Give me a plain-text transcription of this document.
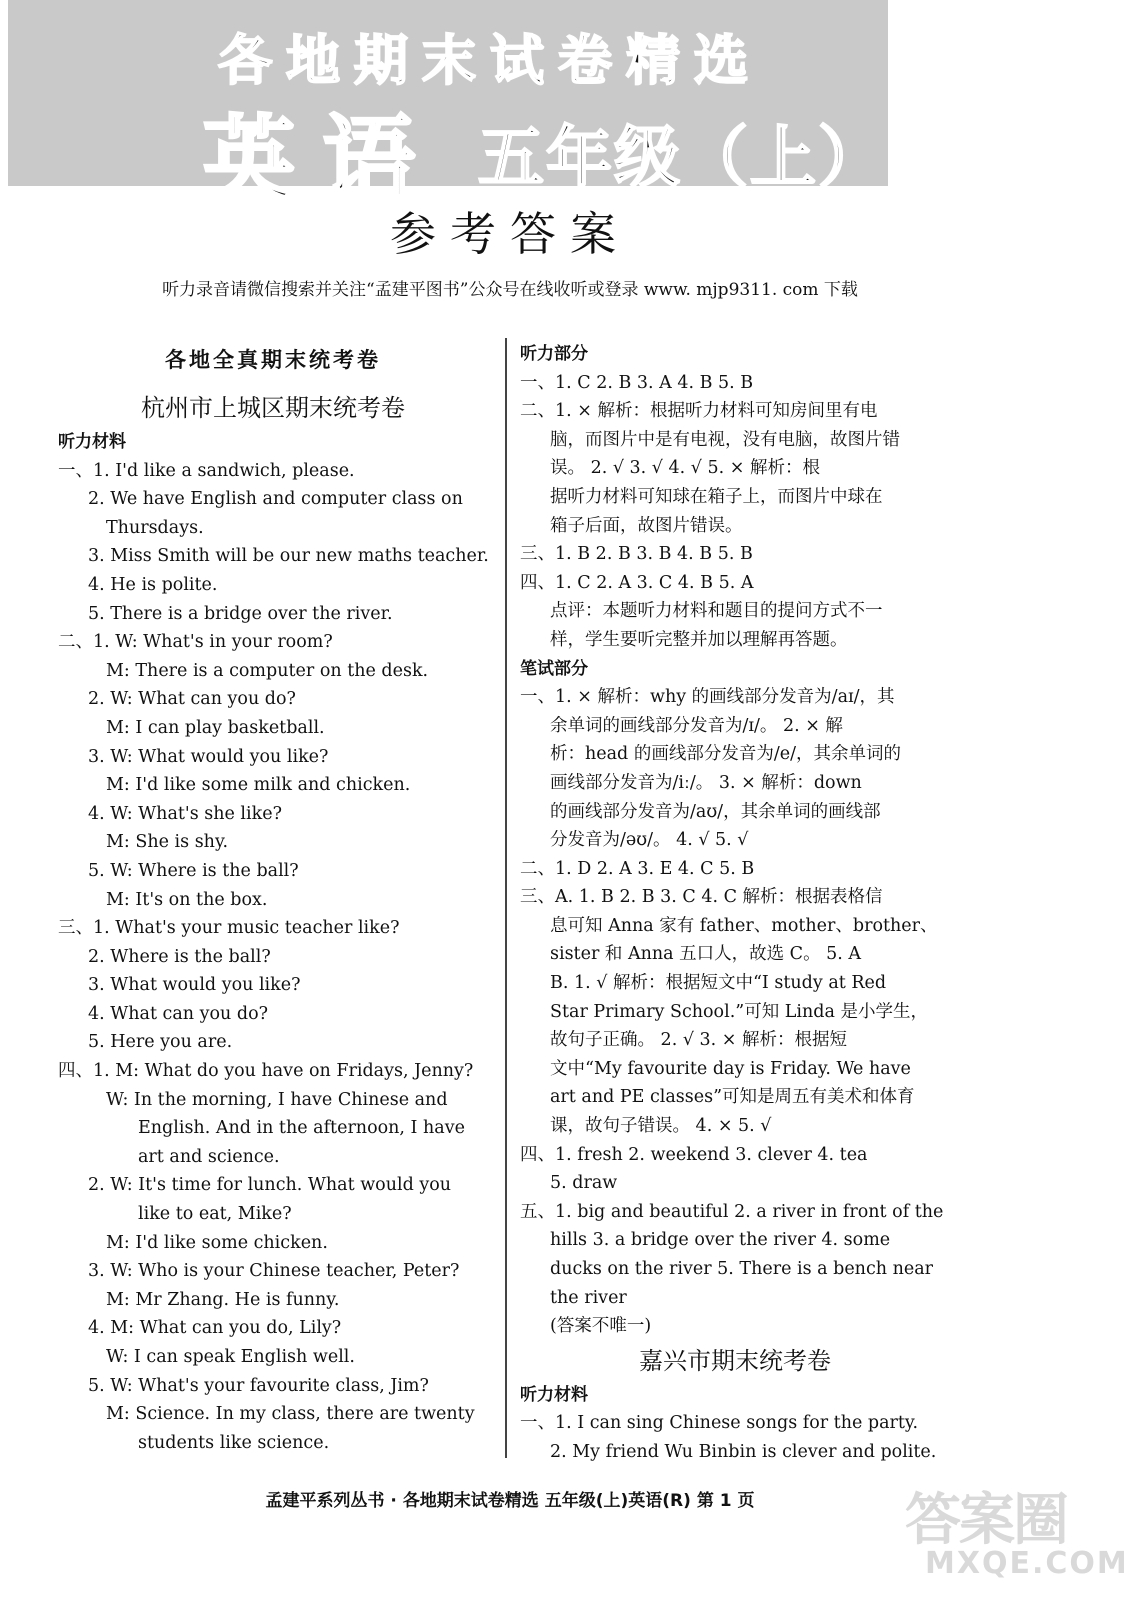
各地期末试卷精选
英语 五年级（上）
参考答案
听力录音请微信搜索并关注“孟建平图书”公众号在线收听或登录 www. mjp9311. com 下载
各地全真期末统考卷
杭州市上城区期末统考卷
听力材料
一、1. I'd like a sandwich, please.
2. We have English and computer class on
Thursdays.
3. Miss Smith will be our new maths teacher.
4. He is polite.
5. There is a bridge over the river.
二、1. W: What's in your room?
M: There is a computer on the desk.
2. W: What can you do?
M: I can play basketball.
3. W: What would you like?
M: I'd like some milk and chicken.
4. W: What's she like?
M: She is shy.
5. W: Where is the ball?
M: It's on the box.
三、1. What's your music teacher like?
2. Where is the ball?
3. What would you like?
4. What can you do?
5. Here you are.
四、1. M: What do you have on Fridays, Jenny?
W: In the morning, I have Chinese and
English. And in the afternoon, I have
art and science.
2. W: It's time for lunch. What would you
like to eat, Mike?
M: I'd like some chicken.
3. W: Who is your Chinese teacher, Peter?
M: Mr Zhang. He is funny.
4. M: What can you do, Lily?
W: I can speak English well.
5. W: What's your favourite class, Jim?
M: Science. In my class, there are twenty
students like science.
听力部分
一、1. C 2. B 3. A 4. B 5. B
二、1. × 解析：根据听力材料可知房间里有电
脑，而图片中是有电视，没有电脑，故图片错
误。 2. √ 3. √ 4. √ 5. × 解析：根
据听力材料可知球在箱子上，而图片中球在
箱子后面，故图片错误。
三、1. B 2. B 3. B 4. B 5. B
四、1. C 2. A 3. C 4. B 5. A
点评：本题听力材料和题目的提问方式不一
样，学生要听完整并加以理解再答题。
笔试部分
一、1. × 解析：why 的画线部分发音为/aɪ/，其
余单词的画线部分发音为/ɪ/。 2. × 解
析：head 的画线部分发音为/e/，其余单词的
画线部分发音为/iː/。 3. × 解析：down
的画线部分发音为/aʊ/，其余单词的画线部
分发音为/əʊ/。 4. √ 5. √
二、1. D 2. A 3. E 4. C 5. B
三、A. 1. B 2. B 3. C 4. C 解析：根据表格信
息可知 Anna 家有 father、mother、brother、
sister 和 Anna 五口人，故选 C。 5. A
B. 1. √ 解析：根据短文中“I study at Red
Star Primary School.”可知 Linda 是小学生，
故句子正确。 2. √ 3. × 解析：根据短
文中“My favourite day is Friday. We have
art and PE classes”可知是周五有美术和体育
课，故句子错误。 4. × 5. √
四、1. fresh 2. weekend 3. clever 4. tea
5. draw
五、1. big and beautiful 2. a river in front of the
hills 3. a bridge over the river 4. some
ducks on the river 5. There is a bench near
the river
(答案不唯一)
嘉兴市期末统考卷
听力材料
一、1. I can sing Chinese songs for the party.
2. My friend Wu Binbin is clever and polite.
孟建平系列丛书 · 各地期末试卷精选 五年级(上)英语(R) 第 1 页	答案圈
MXQE.COM
